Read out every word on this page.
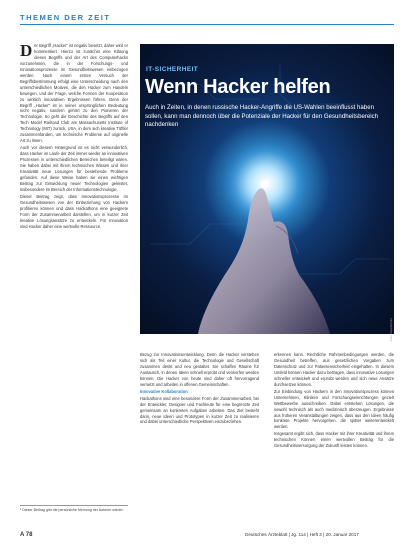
THEMEN DER ZEIT

Der Begriff „Hacker“ ist negativ besetzt, daher wird er kommentiert. Hierzu ist zunächst eine Klärung dieses Begriffs und der Art des Computerhacks vorzunehmen, die in der Forschungs- und Innovationsprozesse im Gesundheitswesen einbezogen werden. Nach einem ersten Versuch der Begriffsbestimmung erfolgt eine Unterscheidung nach den unterschiedlichen Motiven, die den Hacker zum Handeln bewegen, und der Frage, welche Formen der Kooperation zu wirklich innovativen Ergebnissen führen. Denn der Begriff „Hacker“ ist in seiner ursprünglichen Bedeutung nicht negativ, sondern gehört zu den Pionieren der Technologie. So geht die Geschichte des Begriffs auf den Tech Model Railroad Club am Massachusetts Institute of Technology (MIT) zurück, USA, in dem sich kreative Tüftler zusammenfanden, um technische Probleme auf originelle Art zu lösen.

Auch vor diesem Hintergrund ist es nicht verwunderlich, dass Hacker im Laufe der Zeit immer wieder an innovativen Prozessen in unterschiedlichen Bereichen beteiligt waren. Sie haben dabei mit ihrem technischen Wissen und ihrer Kreativität neue Lösungen für bestehende Probleme gefunden. Auf diese Weise haben sie einen wichtigen Beitrag zur Entwicklung neuer Technologien geleistet, insbesondere im Bereich der Informationstechnologie.

Dieser Beitrag zeigt, dass Innovationsprozesse im Gesundheitswesen von der Einbeziehung von Hackern profitieren können und dass Hackathons eine geeignete Form der Zusammenarbeit darstellen, um in kurzer Zeit kreative Lösungsansätze zu entwickeln. Für Innovation sind Hacker daher eine wertvolle Ressource.

¹ Dieser Beitrag gibt die persönliche Meinung der Autoren wieder.
IT-SICHERHEIT
Wenn Hacker helfen
Auch in Zeiten, in denen russische Hacker-Angriffe die US-Wahlen beeinflusst haben sollen, kann man dennoch über die Potenziale der Hacker für den Gesundheitsbereich nachdenken
Foto: iStockphoto

Bezug zur Innovationsentwicklung. Denn die Hacker verstehen sich als Teil einer Kultur, die Technologie und Gesellschaft zusammen denkt und neu gestaltet. Sie schaffen Räume für Austausch, in denen Ideen schnell erprobt und verworfen werden können. Die Hacker von heute sind daher oft hervorragend vernetzt und arbeiten in offenen Gemeinschaften.

Innovative Kollaboration

Hackathons sind eine besondere Form der Zusammenarbeit, bei der Entwickler, Designer und Fachleute für eine begrenzte Zeit gemeinsam an konkreten Aufgaben arbeiten. Das Ziel besteht darin, neue Ideen und Prototypen in kurzer Zeit zu realisieren und dabei unterschiedliche Perspektiven einzubeziehen.

erkennen kann. Rechtliche Rahmenbedingungen werden, die Gesundheit betreffen, aus gesetzlichen Vorgaben zum Datenschutz und zur Patientensicherheit eingehalten. In diesem Umfeld können Hacker dazu beitragen, dass innovative Lösungen schneller entwickelt und erprobt werden und sich neue Ansätze durchsetzen können.

Zur Einbindung von Hackern in den Innovationsprozess können Unternehmen, Kliniken und Forschungseinrichtungen gezielt Wettbewerbe ausschreiben. Dabei entstehen Lösungen, die sowohl technisch als auch medizinisch überzeugen. Ergebnisse aus früheren Veranstaltungen zeigen, dass aus den Ideen häufig konkrete Projekte hervorgehen, die später weiterentwickelt werden.

Insgesamt ergibt sich, dass Hacker mit ihrer Kreativität und ihrem technischen Können einen wertvollen Beitrag für die Gesundheitsversorgung der Zukunft leisten können.

A 78	Deutsches Ärzteblatt | Jg. 114 | Heft 3 | 20. Januar 2017
